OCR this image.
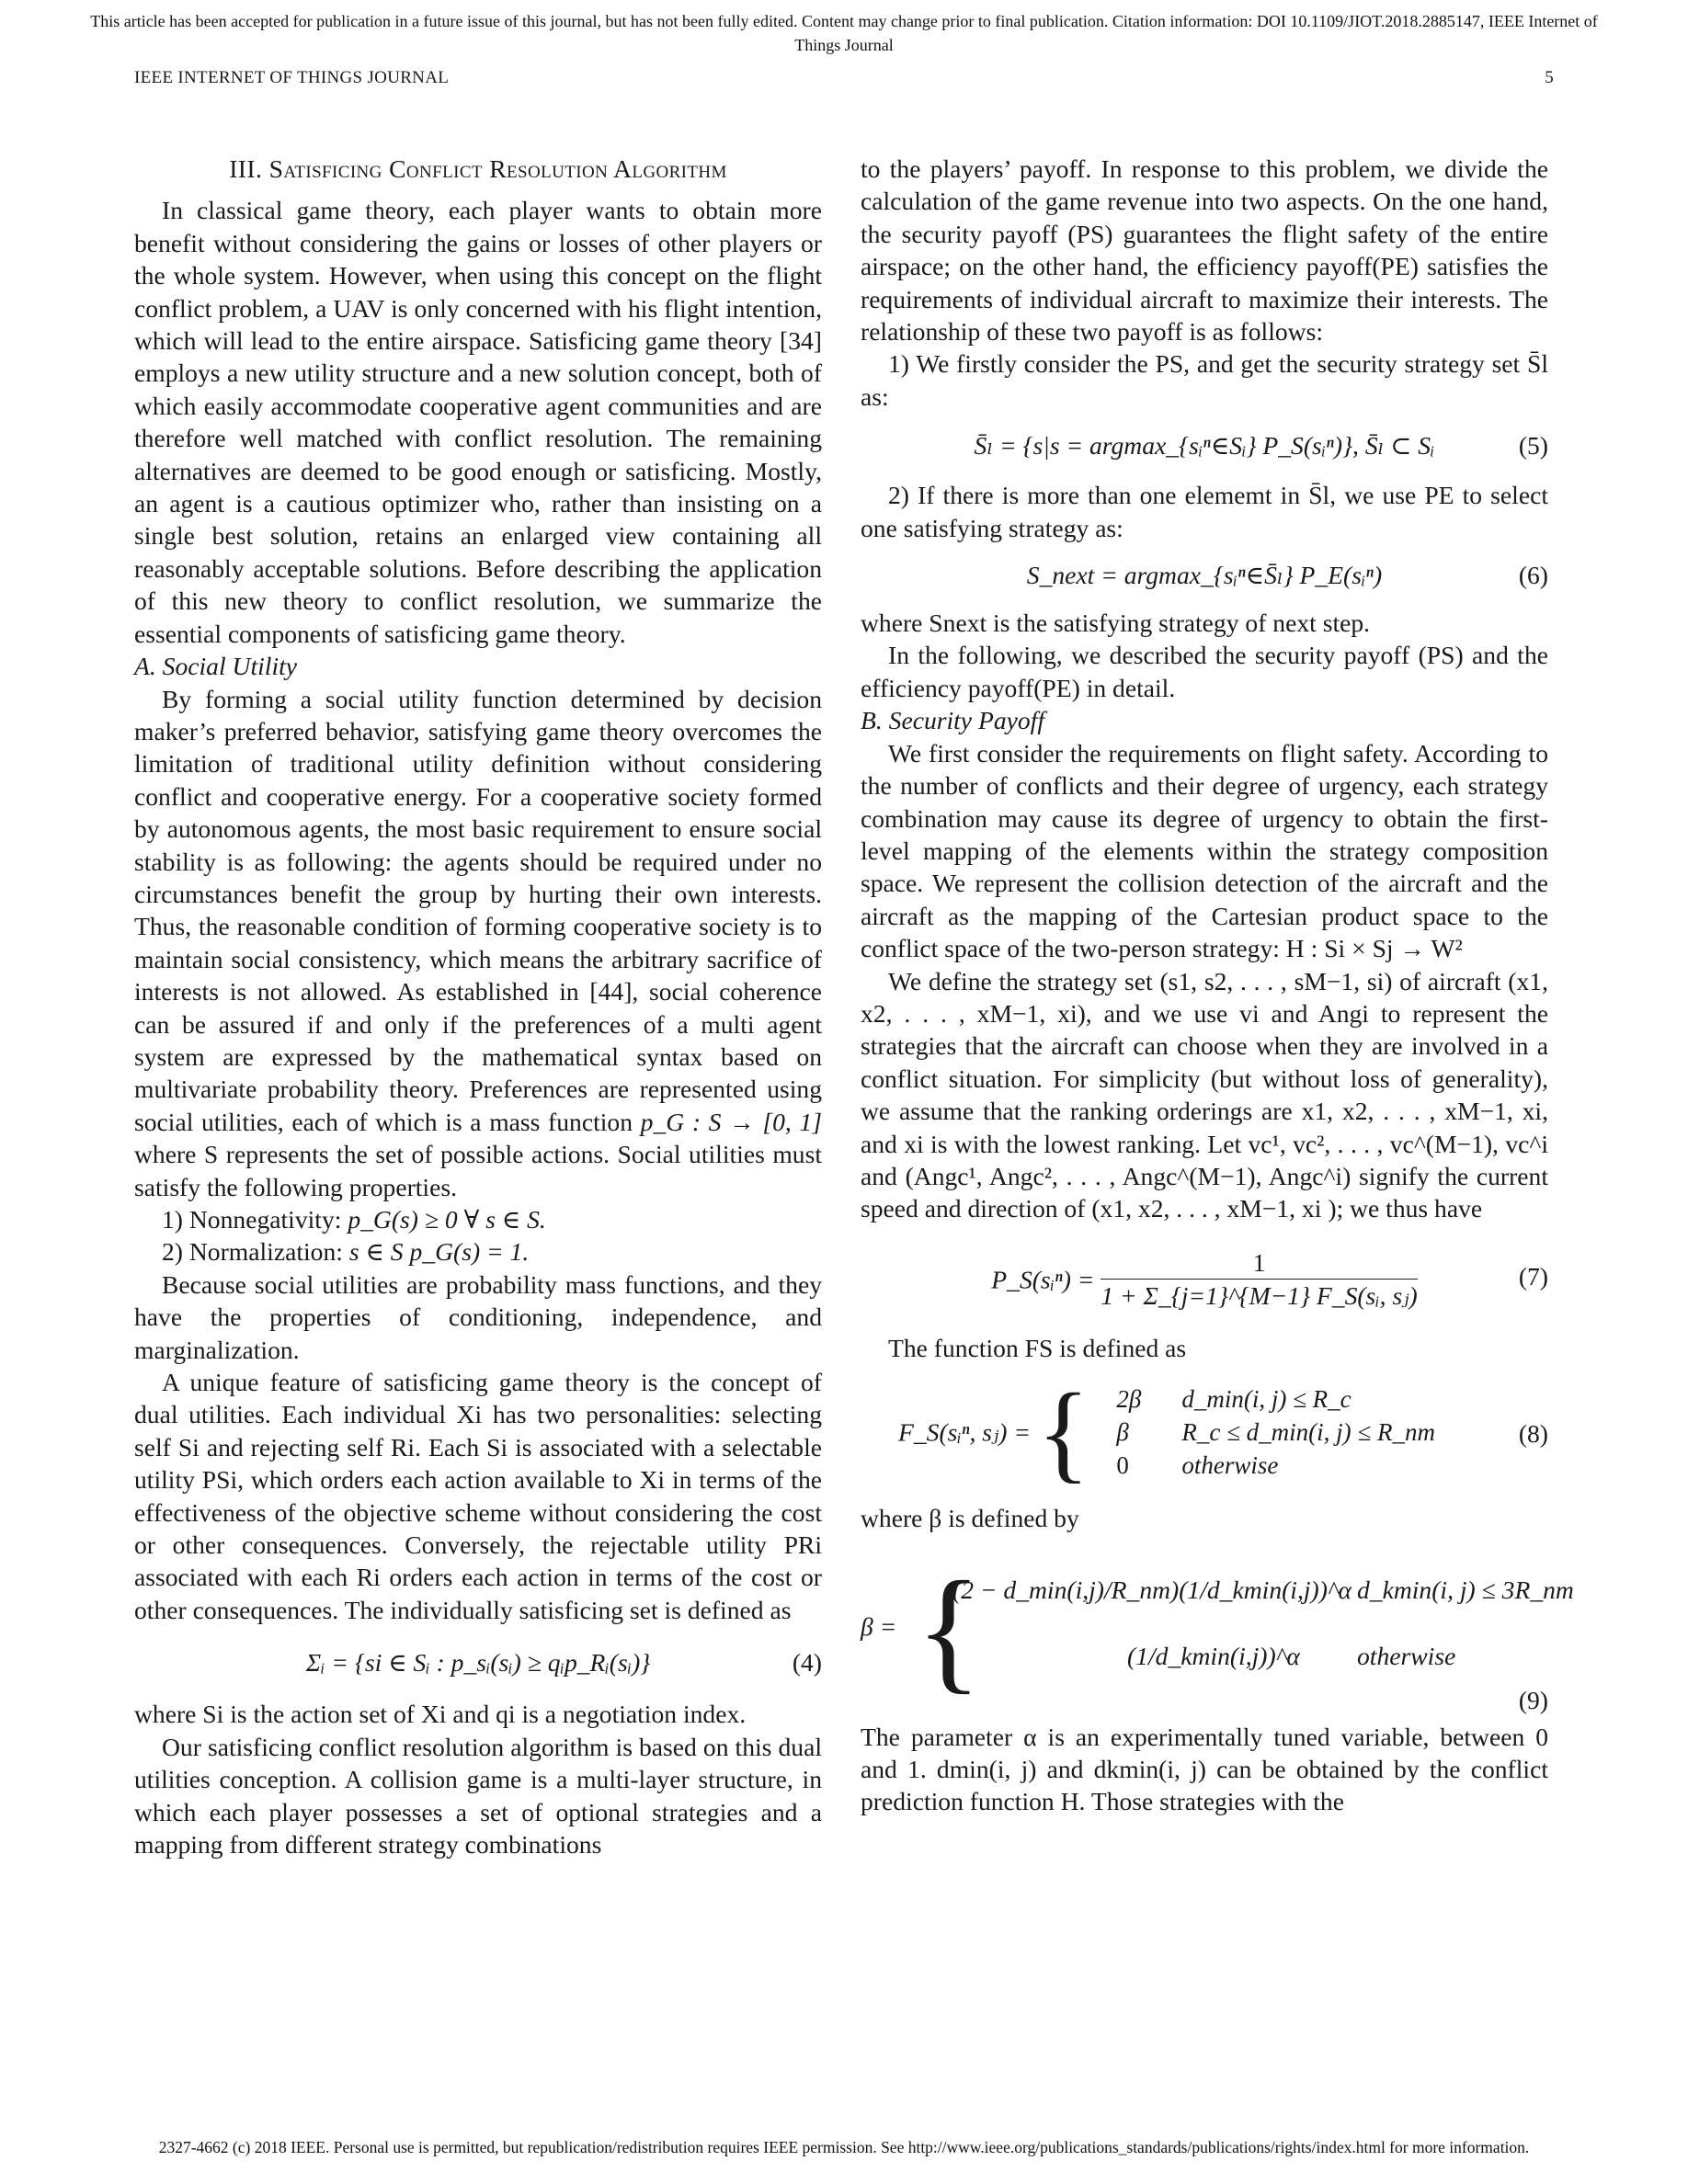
This article has been accepted for publication in a future issue of this journal, but has not been fully edited. Content may change prior to final publication. Citation information: DOI 10.1109/JIOT.2018.2885147, IEEE Internet of
Things Journal
IEEE INTERNET OF THINGS JOURNAL	5
III. Satisficing Conflict Resolution Algorithm

In classical game theory, each player wants to obtain more benefit without considering the gains or losses of other players or the whole system. However, when using this concept on the flight conflict problem, a UAV is only concerned with his flight intention, which will lead to the entire airspace. Satisficing game theory [34] employs a new utility structure and a new solution concept, both of which easily accommodate cooperative agent communities and are therefore well matched with conflict resolution. The remaining alternatives are deemed to be good enough or satisficing. Mostly, an agent is a cautious optimizer who, rather than insisting on a single best solution, retains an enlarged view containing all reasonably acceptable solutions. Before describing the application of this new theory to conflict resolution, we summarize the essential components of satisficing game theory.

A. Social Utility

By forming a social utility function determined by decision maker’s preferred behavior, satisfying game theory overcomes the limitation of traditional utility definition without considering conflict and cooperative energy. For a cooperative society formed by autonomous agents, the most basic requirement to ensure social stability is as following: the agents should be required under no circumstances benefit the group by hurting their own interests. Thus, the reasonable condition of forming cooperative society is to maintain social consistency, which means the arbitrary sacrifice of interests is not allowed. As established in [44], social coherence can be assured if and only if the preferences of a multi agent system are expressed by the mathematical syntax based on multivariate probability theory. Preferences are represented using social utilities, each of which is a mass function p_G : S → [0, 1] where S represents the set of possible actions. Social utilities must satisfy the following properties.

1) Nonnegativity: p_G(s) ≥ 0 ∀ s ∈ S.

2) Normalization: s ∈ S p_G(s) = 1.

Because social utilities are probability mass functions, and they have the properties of conditioning, independence, and marginalization.

A unique feature of satisficing game theory is the concept of dual utilities. Each individual Xi has two personalities: selecting self Si and rejecting self Ri. Each Si is associated with a selectable utility PSi, which orders each action available to Xi in terms of the effectiveness of the objective scheme without considering the cost or other consequences. Conversely, the rejectable utility PRi associated with each Ri orders each action in terms of the cost or other consequences. The individually satisficing set is defined as

Σᵢ = {si ∈ Sᵢ : p_sᵢ(sᵢ) ≥ qᵢp_Rᵢ(sᵢ)}	(4)

where Si is the action set of Xi and qi is a negotiation index.

Our satisficing conflict resolution algorithm is based on this dual utilities conception. A collision game is a multi-layer structure, in which each player possesses a set of optional strategies and a mapping from different strategy combinations

to the players’ payoff. In response to this problem, we divide the calculation of the game revenue into two aspects. On the one hand, the security payoff (PS) guarantees the flight safety of the entire airspace; on the other hand, the efficiency payoff(PE) satisfies the requirements of individual aircraft to maximize their interests. The relationship of these two payoff is as follows:

1) We firstly consider the PS, and get the security strategy set S̄l as:

S̄ₗ = {s|s = argmax_{sᵢⁿ∈Sᵢ} P_S(sᵢⁿ)}, S̄ₗ ⊂ Sᵢ	(5)

2) If there is more than one elememt in S̄l, we use PE to select one satisfying strategy as:

S_next = argmax_{sᵢⁿ∈S̄ₗ} P_E(sᵢⁿ)	(6)

where Snext is the satisfying strategy of next step.

In the following, we described the security payoff (PS) and the efficiency payoff(PE) in detail.

B. Security Payoff

We first consider the requirements on flight safety. According to the number of conflicts and their degree of urgency, each strategy combination may cause its degree of urgency to obtain the first-level mapping of the elements within the strategy composition space. We represent the collision detection of the aircraft and the aircraft as the mapping of the Cartesian product space to the conflict space of the two-person strategy: H : Si × Sj → W²

We define the strategy set (s1, s2, . . . , sM−1, si) of aircraft (x1, x2, . . . , xM−1, xi), and we use vi and Angi to represent the strategies that the aircraft can choose when they are involved in a conflict situation. For simplicity (but without loss of generality), we assume that the ranking orderings are x1, x2, . . . , xM−1, xi, and xi is with the lowest ranking. Let vc¹, vc², . . . , vc^(M−1), vc^i and (Angc¹, Angc², . . . , Angc^(M−1), Angc^i) signify the current speed and direction of (x1, x2, . . . , xM−1, xi ); we thus have

P_S(sᵢⁿ) = $\frac{1}{\text{1 + Σ\_\{j=1\}\textasciicircum{}\{M−1\} F\_S(sᵢ, sⱼ)}}$	(7)

The function FS is defined as

F_S(sᵢⁿ, sⱼ) = { 2β	d_min(i, j) ≤ R_c
β	R_c ≤ d_min(i, j) ≤ R_nm
0	otherwise
(8)

where β is defined by

β = {
(2 − d_min(i,j)/R_nm)(1/d_kmin(i,j))^α d_kmin(i, j) ≤ 3R_nm
(1/d_kmin(i,j))^α otherwise
(9)

The parameter α is an experimentally tuned variable, between 0 and 1. dmin(i, j) and dkmin(i, j) can be obtained by the conflict prediction function H. Those strategies with the

2327-4662 (c) 2018 IEEE. Personal use is permitted, but republication/redistribution requires IEEE permission. See http://www.ieee.org/publications_standards/publications/rights/index.html for more information.
